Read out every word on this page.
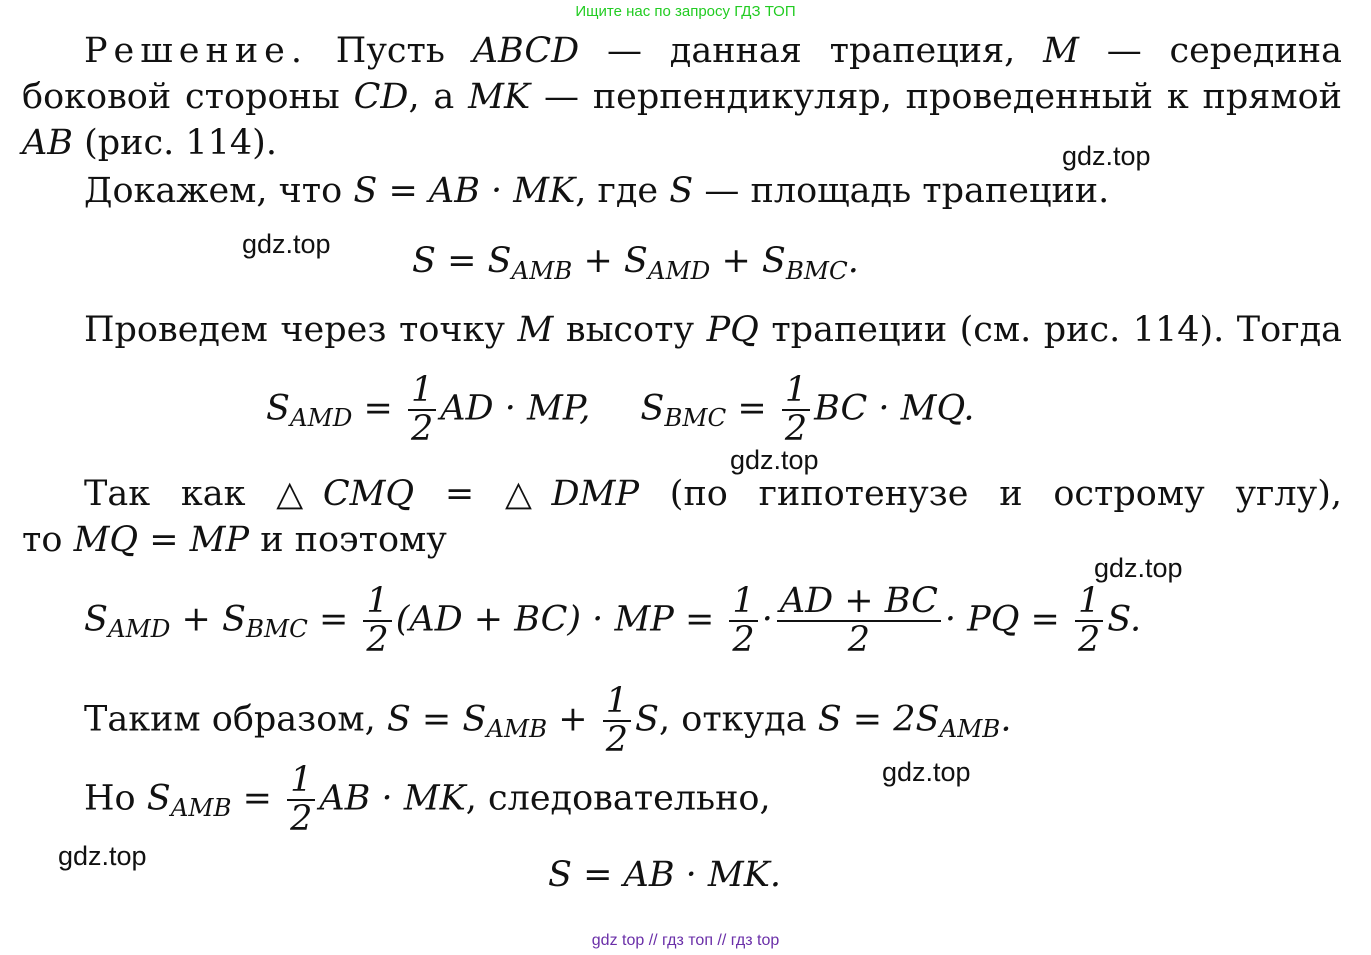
Ищите нас по запросу ГДЗ ТОП
Решение. Пусть ABCD — данная трапеция, M — середина
боковой стороны CD, а MK — перпендикуляр, проведенный к прямой
AB (рис. 114).
Докажем, что S = AB · MK, где S — площадь трапеции.
$S = S_{AMB} + S_{AMD} + S_{BMC}$.
Проведем через точку M высоту PQ трапеции (см. рис. 114). Тогда
$S_{AMD} = \frac{1}{2}$ AD · MP, $S_{BMC} = \frac{1}{2}$ BC · MQ.
Так как △CMQ = △DMP (по гипотенузе и острому углу),
то MQ = MP и поэтому
$S_{AMD} + S_{BMC} = \frac{1}{2} (AD + BC)$ · MP = $\frac{1}{2} \cdot \frac{AD + BC}{2}$ · PQ = $\frac{1}{2} S$.
Таким образом, $S = S_{AMB} + \frac{1}{2} S$, откуда $S = 2S_{AMB}$.
Но $S_{AMB} = \frac{1}{2}$ AB · MK, следовательно,
S = AB · MK.
gdz.top
gdz.top
gdz.top
gdz.top
gdz.top
gdz.top
gdz top // гдз топ // гдз top
